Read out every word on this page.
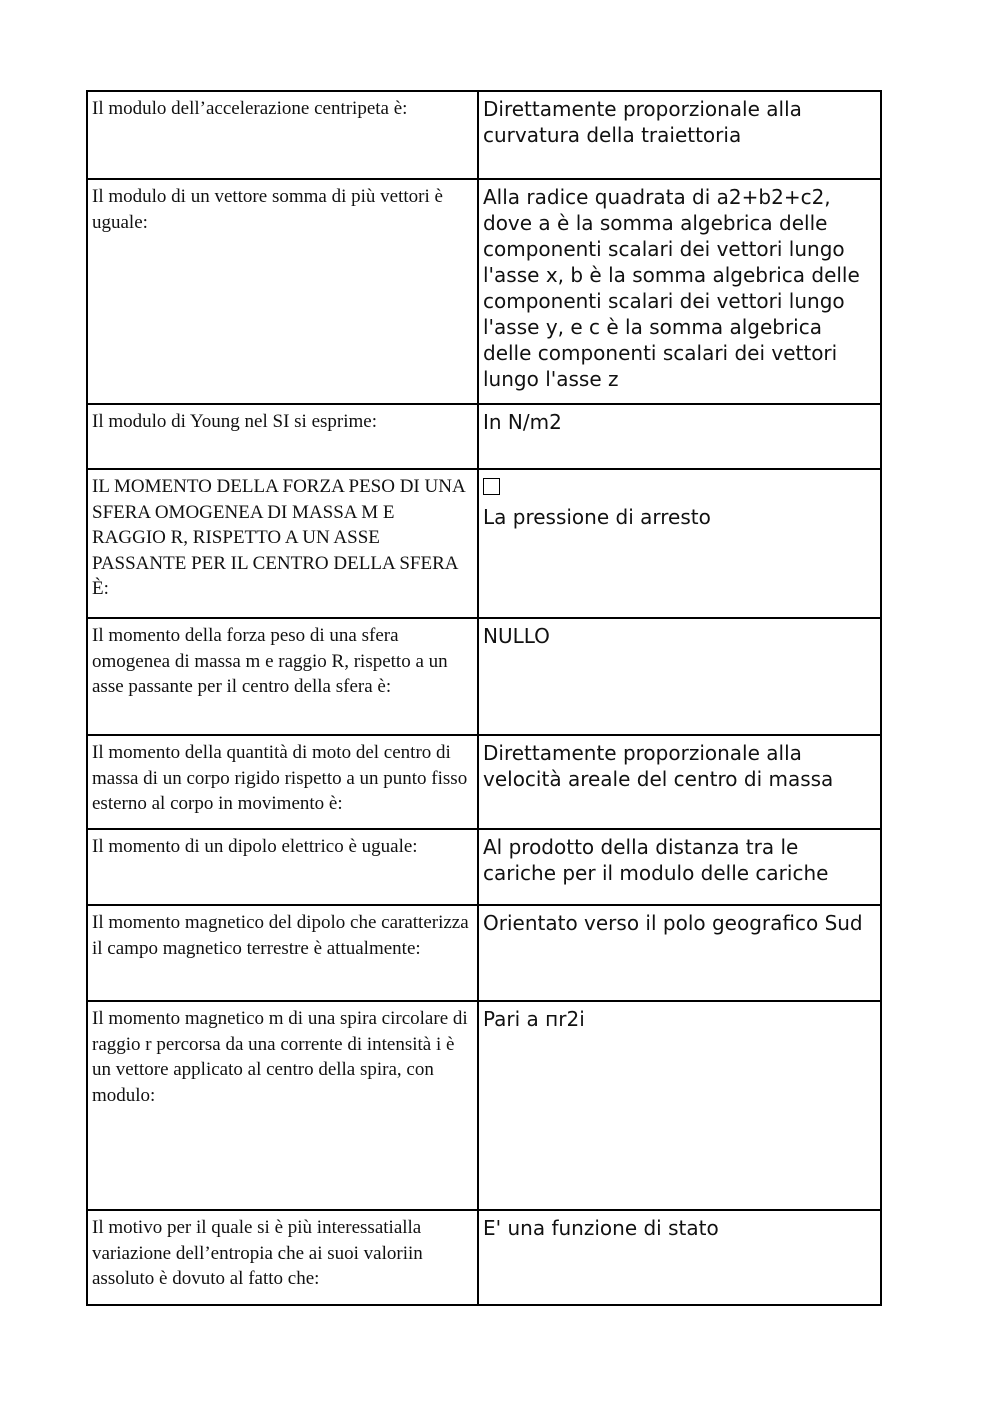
Il modulo dell’accelerazione centripeta è:	Direttamente proporzionale alla curvatura della traiettoria
Il modulo di un vettore somma di più vettori è uguale:	Alla radice quadrata di a2+b2+c2, dove a è la somma algebrica delle componenti scalari dei vettori lungo l'asse x, b è la somma algebrica delle componenti scalari dei vettori lungo l'asse y, e c è la somma algebrica delle componenti scalari dei vettori lungo l'asse z
Il modulo di Young nel SI si esprime:	In N/m2
IL MOMENTO DELLA FORZA PESO DI UNA SFERA OMOGENEA DI MASSA M E RAGGIO R, RISPETTO A UN ASSE PASSANTE PER IL CENTRO DELLA SFERA È:	La pressione di arresto

Il momento della forza peso di una sfera omogenea di massa m e raggio R, rispetto a un asse passante per il centro della sfera è:	NULLO
Il momento della quantità di moto del centro di massa di un corpo rigido rispetto a un punto fisso esterno al corpo in movimento è:	Direttamente proporzionale alla velocità areale del centro di massa
Il momento di un dipolo elettrico è uguale:	Al prodotto della distanza tra le cariche per il modulo delle cariche
Il momento magnetico del dipolo che caratterizza il campo magnetico terrestre è attualmente:	Orientato verso il polo geografico Sud
Il momento magnetico m di una spira circolare di raggio r percorsa da una corrente di intensità i è un vettore applicato al centro della spira, con modulo:	Pari a пr2i
Il motivo per il quale si è più interessatialla variazione dell’entropia che ai suoi valoriin assoluto è dovuto al fatto che:	E' una funzione di stato
